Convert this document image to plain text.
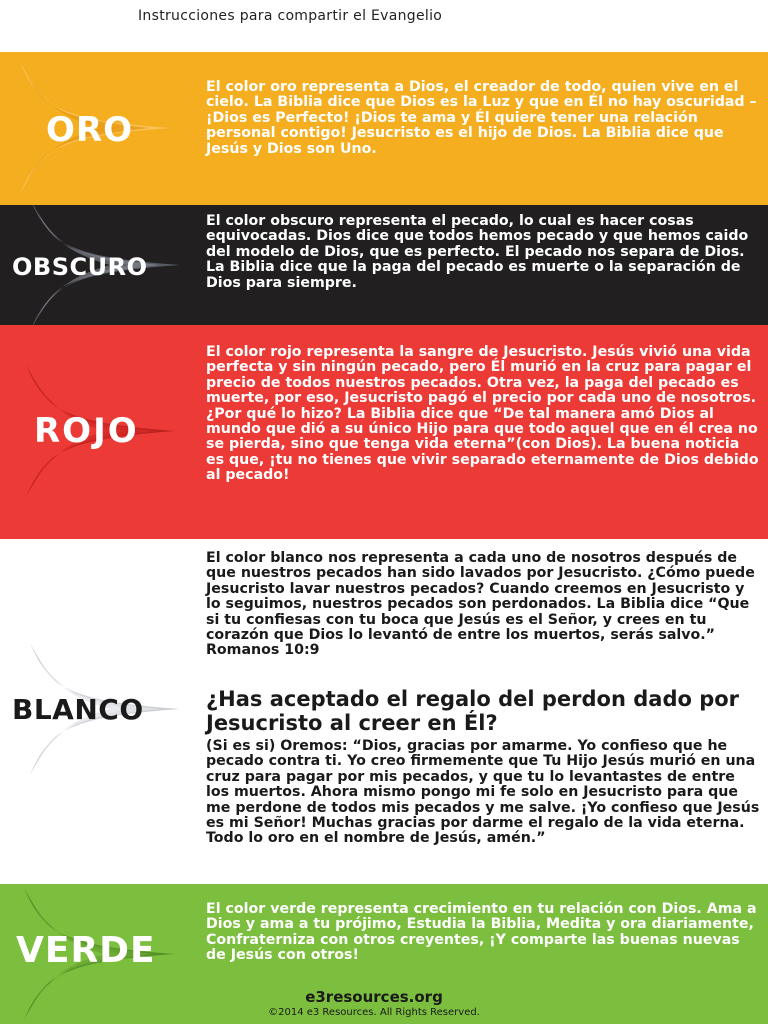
Instrucciones para compartir el Evangelio
ORO

El color oro representa a Dios, el creador de todo, quien vive en el cielo. La Biblia dice que Dios es la Luz y que en Él no hay oscuridad – ¡Dios es Perfecto! ¡Dios te ama y Él quiere tener una relación personal contigo! Jesucristo es el hijo de Dios. La Biblia dice que Jesús y Dios son Uno.

OBSCURO

El color obscuro representa el pecado, lo cual es hacer cosas equivocadas. Dios dice que todos hemos pecado y que hemos caido del modelo de Dios, que es perfecto. El pecado nos separa de Dios. La Biblia dice que la paga del pecado es muerte o la separación de Dios para siempre.

ROJO

El color rojo representa la sangre de Jesucristo. Jesús vivió una vida perfecta y sin ningún pecado, pero Él murió en la cruz para pagar el precio de todos nuestros pecados. Otra vez, la paga del pecado es muerte, por eso, Jesucristo pagó el precio por cada uno de nosotros. ¿Por qué lo hizo? La Biblia dice que “De tal manera amó Dios al mundo que dió a su único Hijo para que todo aquel que en él crea no se pierda, sino que tenga vida eterna”(con Dios). La buena noticia es que, ¡tu no tienes que vivir separado eternamente de Dios debido al pecado!

BLANCO

El color blanco nos representa a cada uno de nosotros después de que nuestros pecados han sido lavados por Jesucristo. ¿Cómo puede Jesucristo lavar nuestros pecados? Cuando creemos en Jesucristo y lo seguimos, nuestros pecados son perdonados. La Biblia dice “Que si tu confiesas con tu boca que Jesús es el Señor, y crees en tu corazón que Dios lo levantó de entre los muertos, serás salvo.” Romanos 10:9

¿Has aceptado el regalo del perdon dado por Jesucristo al creer en Él?

(Si es si) Oremos: “Dios, gracias por amarme. Yo confieso que he pecado contra ti. Yo creo firmemente que Tu Hijo Jesús murió en una cruz para pagar por mis pecados, y que tu lo levantastes de entre los muertos. Ahora mismo pongo mi fe solo en Jesucristo para que me perdone de todos mis pecados y me salve. ¡Yo confieso que Jesús es mi Señor! Muchas gracias por darme el regalo de la vida eterna. Todo lo oro en el nombre de Jesús, amén.”

VERDE

El color verde representa crecimiento en tu relación con Dios. Ama a Dios y ama a tu prójimo, Estudia la Biblia, Medita y ora diariamente, Confraterniza con otros creyentes, ¡Y comparte las buenas nuevas de Jesús con otros!

e3resources.org
©2014 e3 Resources. All Rights Reserved.
